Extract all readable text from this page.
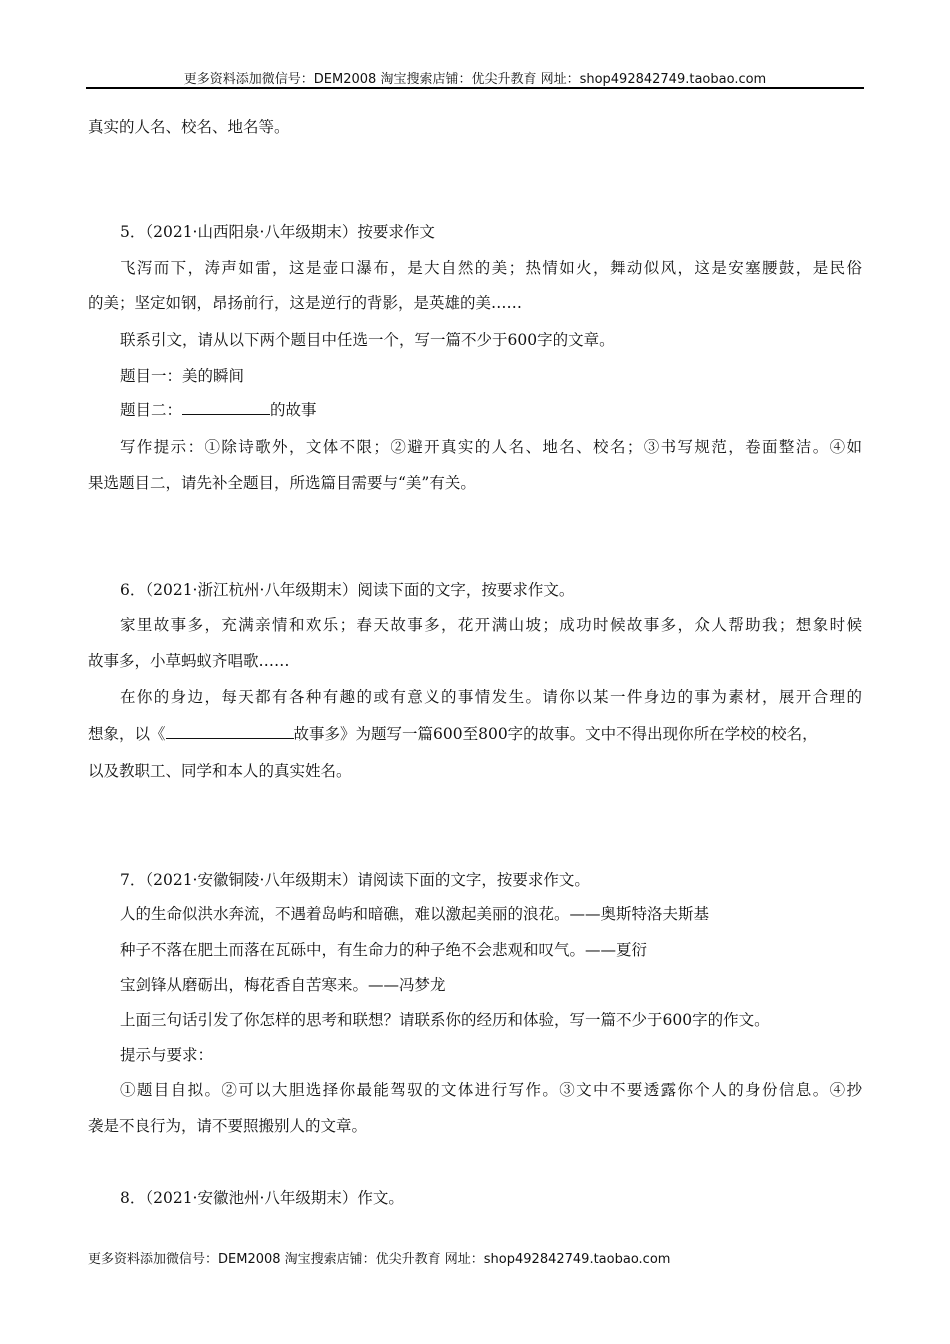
更多资料添加微信号：DEM2008 淘宝搜索店铺：优尖升教育 网址：shop492842749.taobao.com
真实的人名、校名、地名等。
5．（2021·山西阳泉·八年级期末）按要求作文
飞泻而下，涛声如雷，这是壶口瀑布，是大自然的美；热情如火，舞动似风，这是安塞腰鼓，是民俗
的美；坚定如钢，昂扬前行，这是逆行的背影，是英雄的美……
联系引文，请从以下两个题目中任选一个，写一篇不少于600字的文章。
题目一：美的瞬间
题目二：	的故事
写作提示：①除诗歌外，文体不限；②避开真实的人名、地名、校名；③书写规范，卷面整洁。④如
果选题目二，请先补全题目，所选篇目需要与“美”有关。
6．（2021·浙江杭州·八年级期末）阅读下面的文字，按要求作文。
家里故事多，充满亲情和欢乐；春天故事多，花开满山坡；成功时候故事多，众人帮助我；想象时候
故事多，小草蚂蚁齐唱歌……
在你的身边，每天都有各种有趣的或有意义的事情发生。请你以某一件身边的事为素材，展开合理的
想象，以《	故事多》为题写一篇600至800字的故事。文中不得出现你所在学校的校名，
以及教职工、同学和本人的真实姓名。
7．（2021·安徽铜陵·八年级期末）请阅读下面的文字，按要求作文。
人的生命似洪水奔流，不遇着岛屿和暗礁，难以激起美丽的浪花。——奥斯特洛夫斯基
种子不落在肥土而落在瓦砾中，有生命力的种子绝不会悲观和叹气。——夏衍
宝剑锋从磨砺出，梅花香自苦寒来。——冯梦龙
上面三句话引发了你怎样的思考和联想？请联系你的经历和体验，写一篇不少于600字的作文。
提示与要求：
①题目自拟。②可以大胆选择你最能驾驭的文体进行写作。③文中不要透露你个人的身份信息。④抄
袭是不良行为，请不要照搬别人的文章。
8．（2021·安徽池州·八年级期末）作文。
更多资料添加微信号：DEM2008 淘宝搜索店铺：优尖升教育 网址：shop492842749.taobao.com
